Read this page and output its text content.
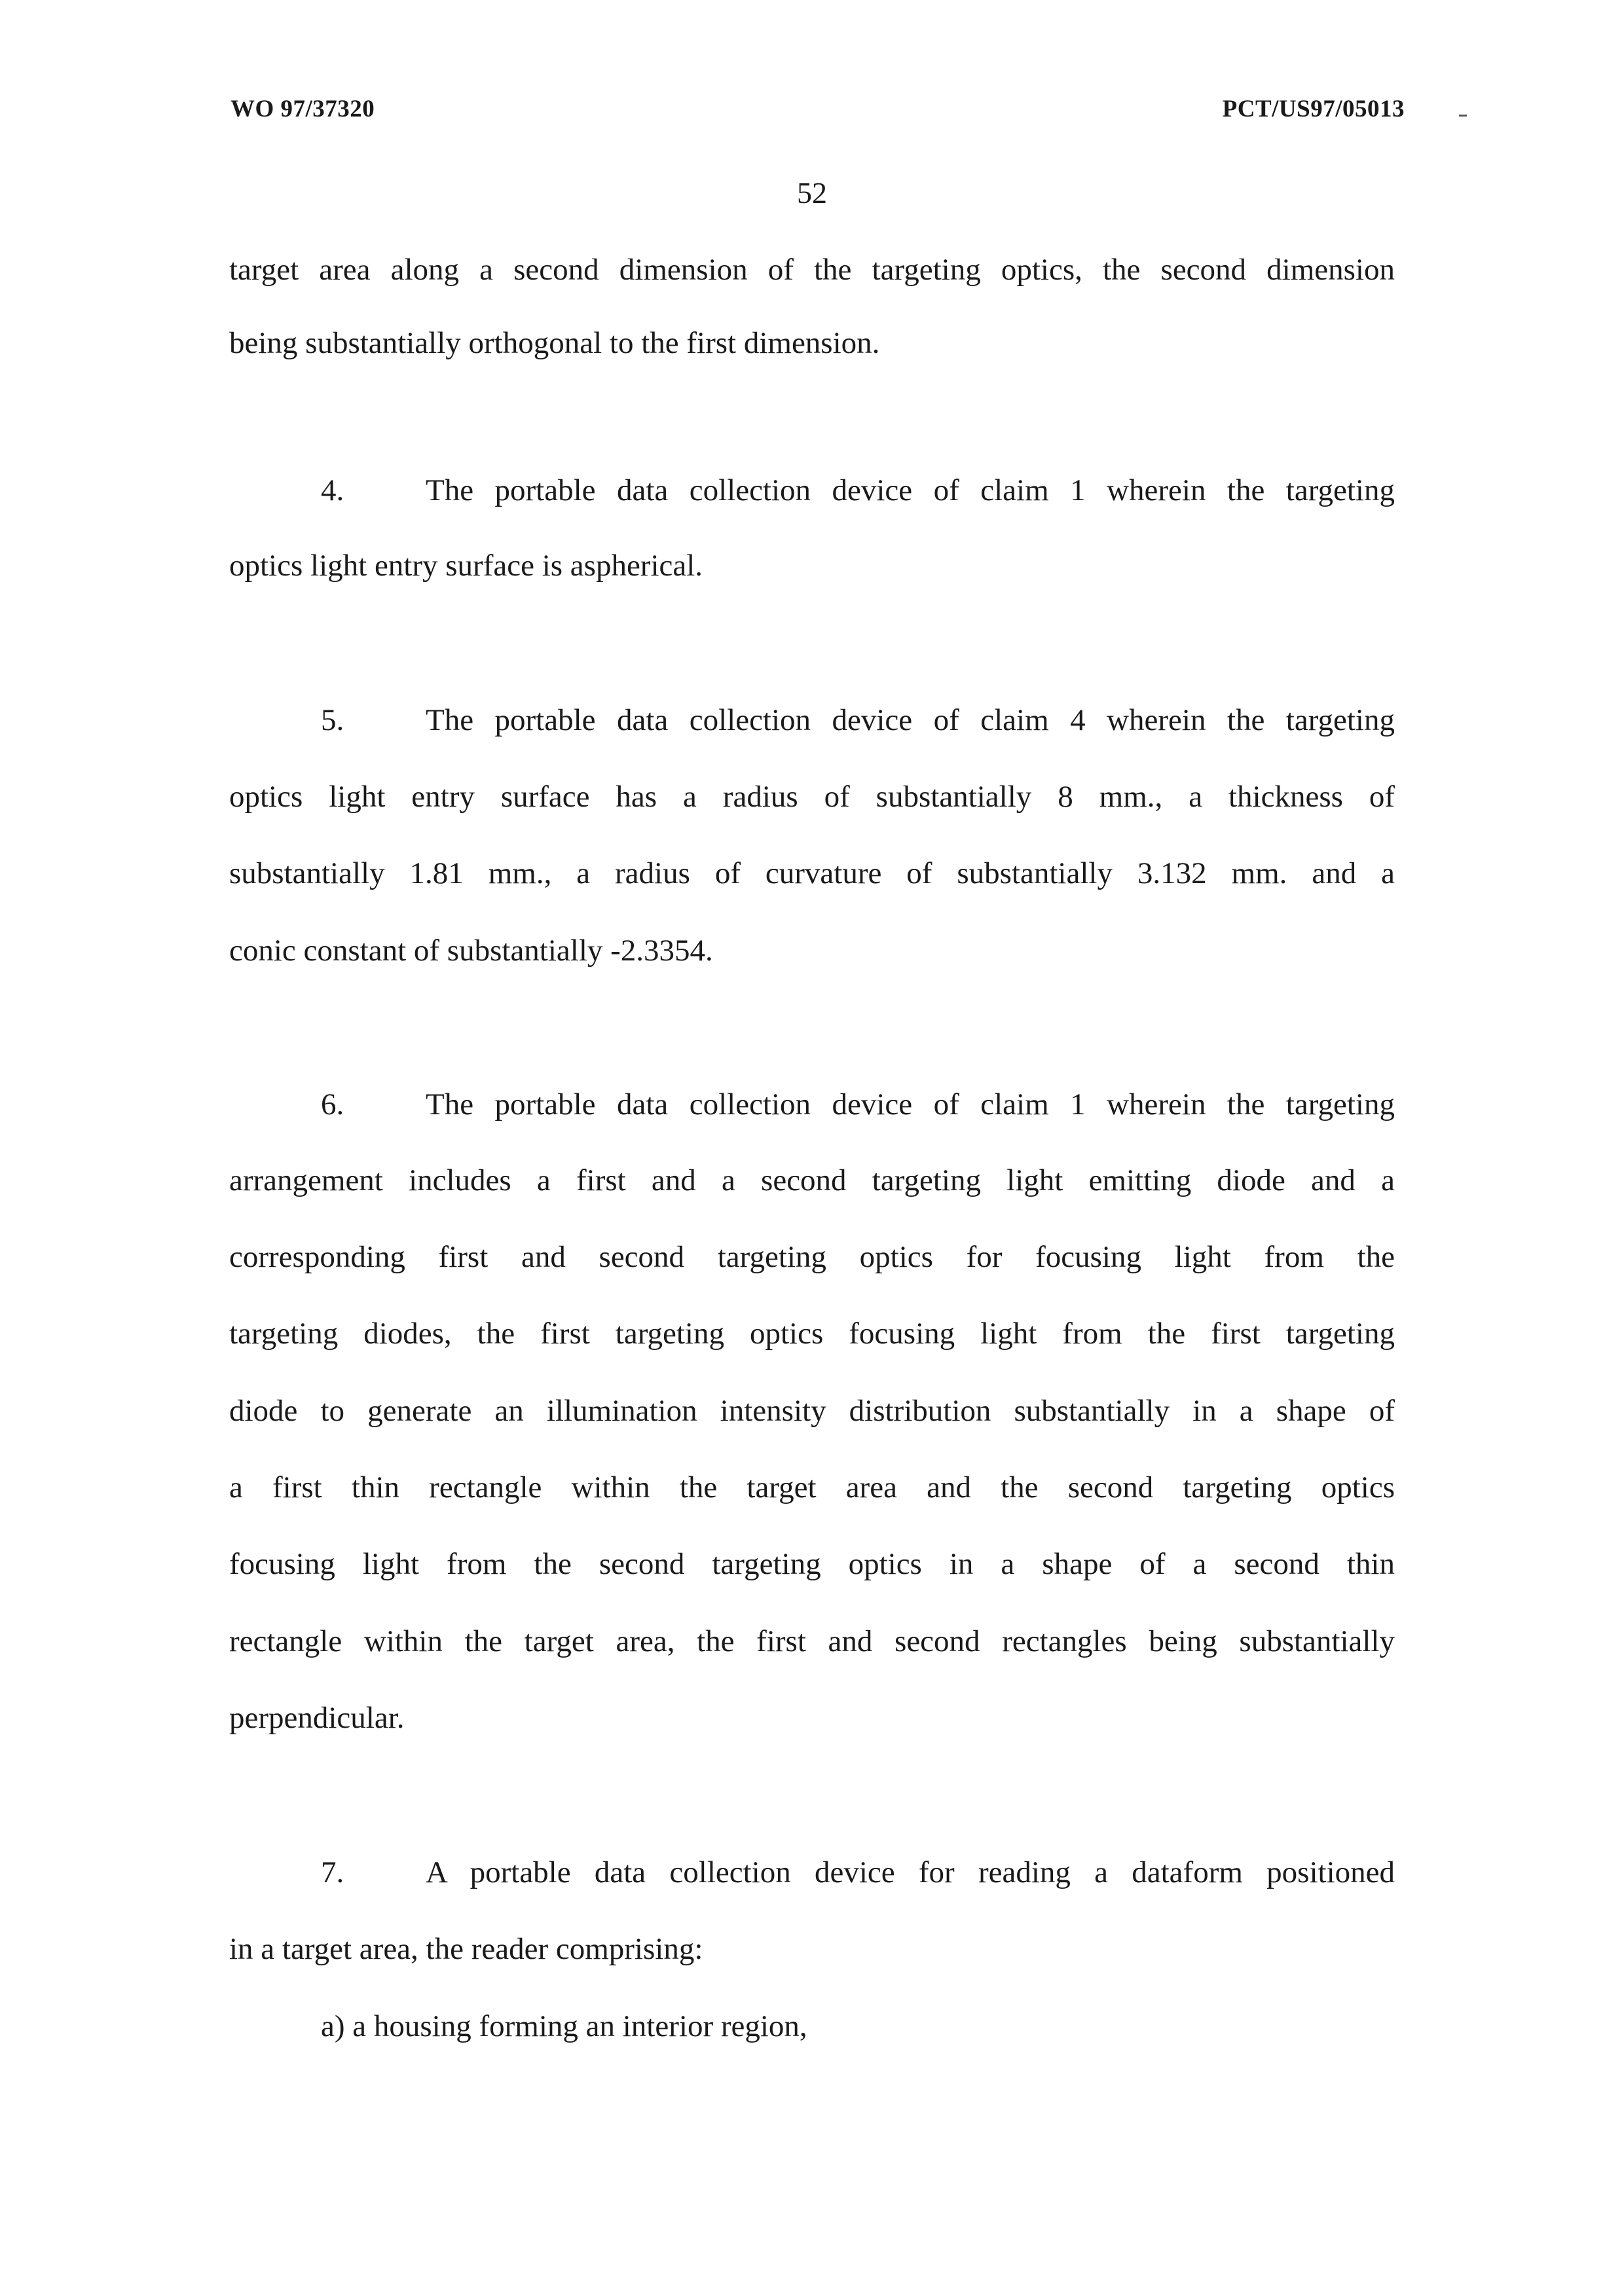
WO 97/37320	PCT/US97/05013
52
target area along a second dimension of the targeting optics, the second dimension
being substantially orthogonal to the first dimension.
4.	The portable data collection device of claim 1 wherein the targeting
optics light entry surface is aspherical.
5.	The portable data collection device of claim 4 wherein the targeting
optics light entry surface has a radius of substantially 8 mm., a thickness of
substantially 1.81 mm., a radius of curvature of substantially 3.132 mm. and a
conic constant of substantially -2.3354.
6.	The portable data collection device of claim 1 wherein the targeting
arrangement includes a first and a second targeting light emitting diode and a
corresponding first and second targeting optics for focusing light from the
targeting diodes, the first targeting optics focusing light from the first targeting
diode to generate an illumination intensity distribution substantially in a shape of
a first thin rectangle within the target area and the second targeting optics
focusing light from the second targeting optics in a shape of a second thin
rectangle within the target area, the first and second rectangles being substantially
perpendicular.
7.	A portable data collection device for reading a dataform positioned
in a target area, the reader comprising:
a) a housing forming an interior region,
